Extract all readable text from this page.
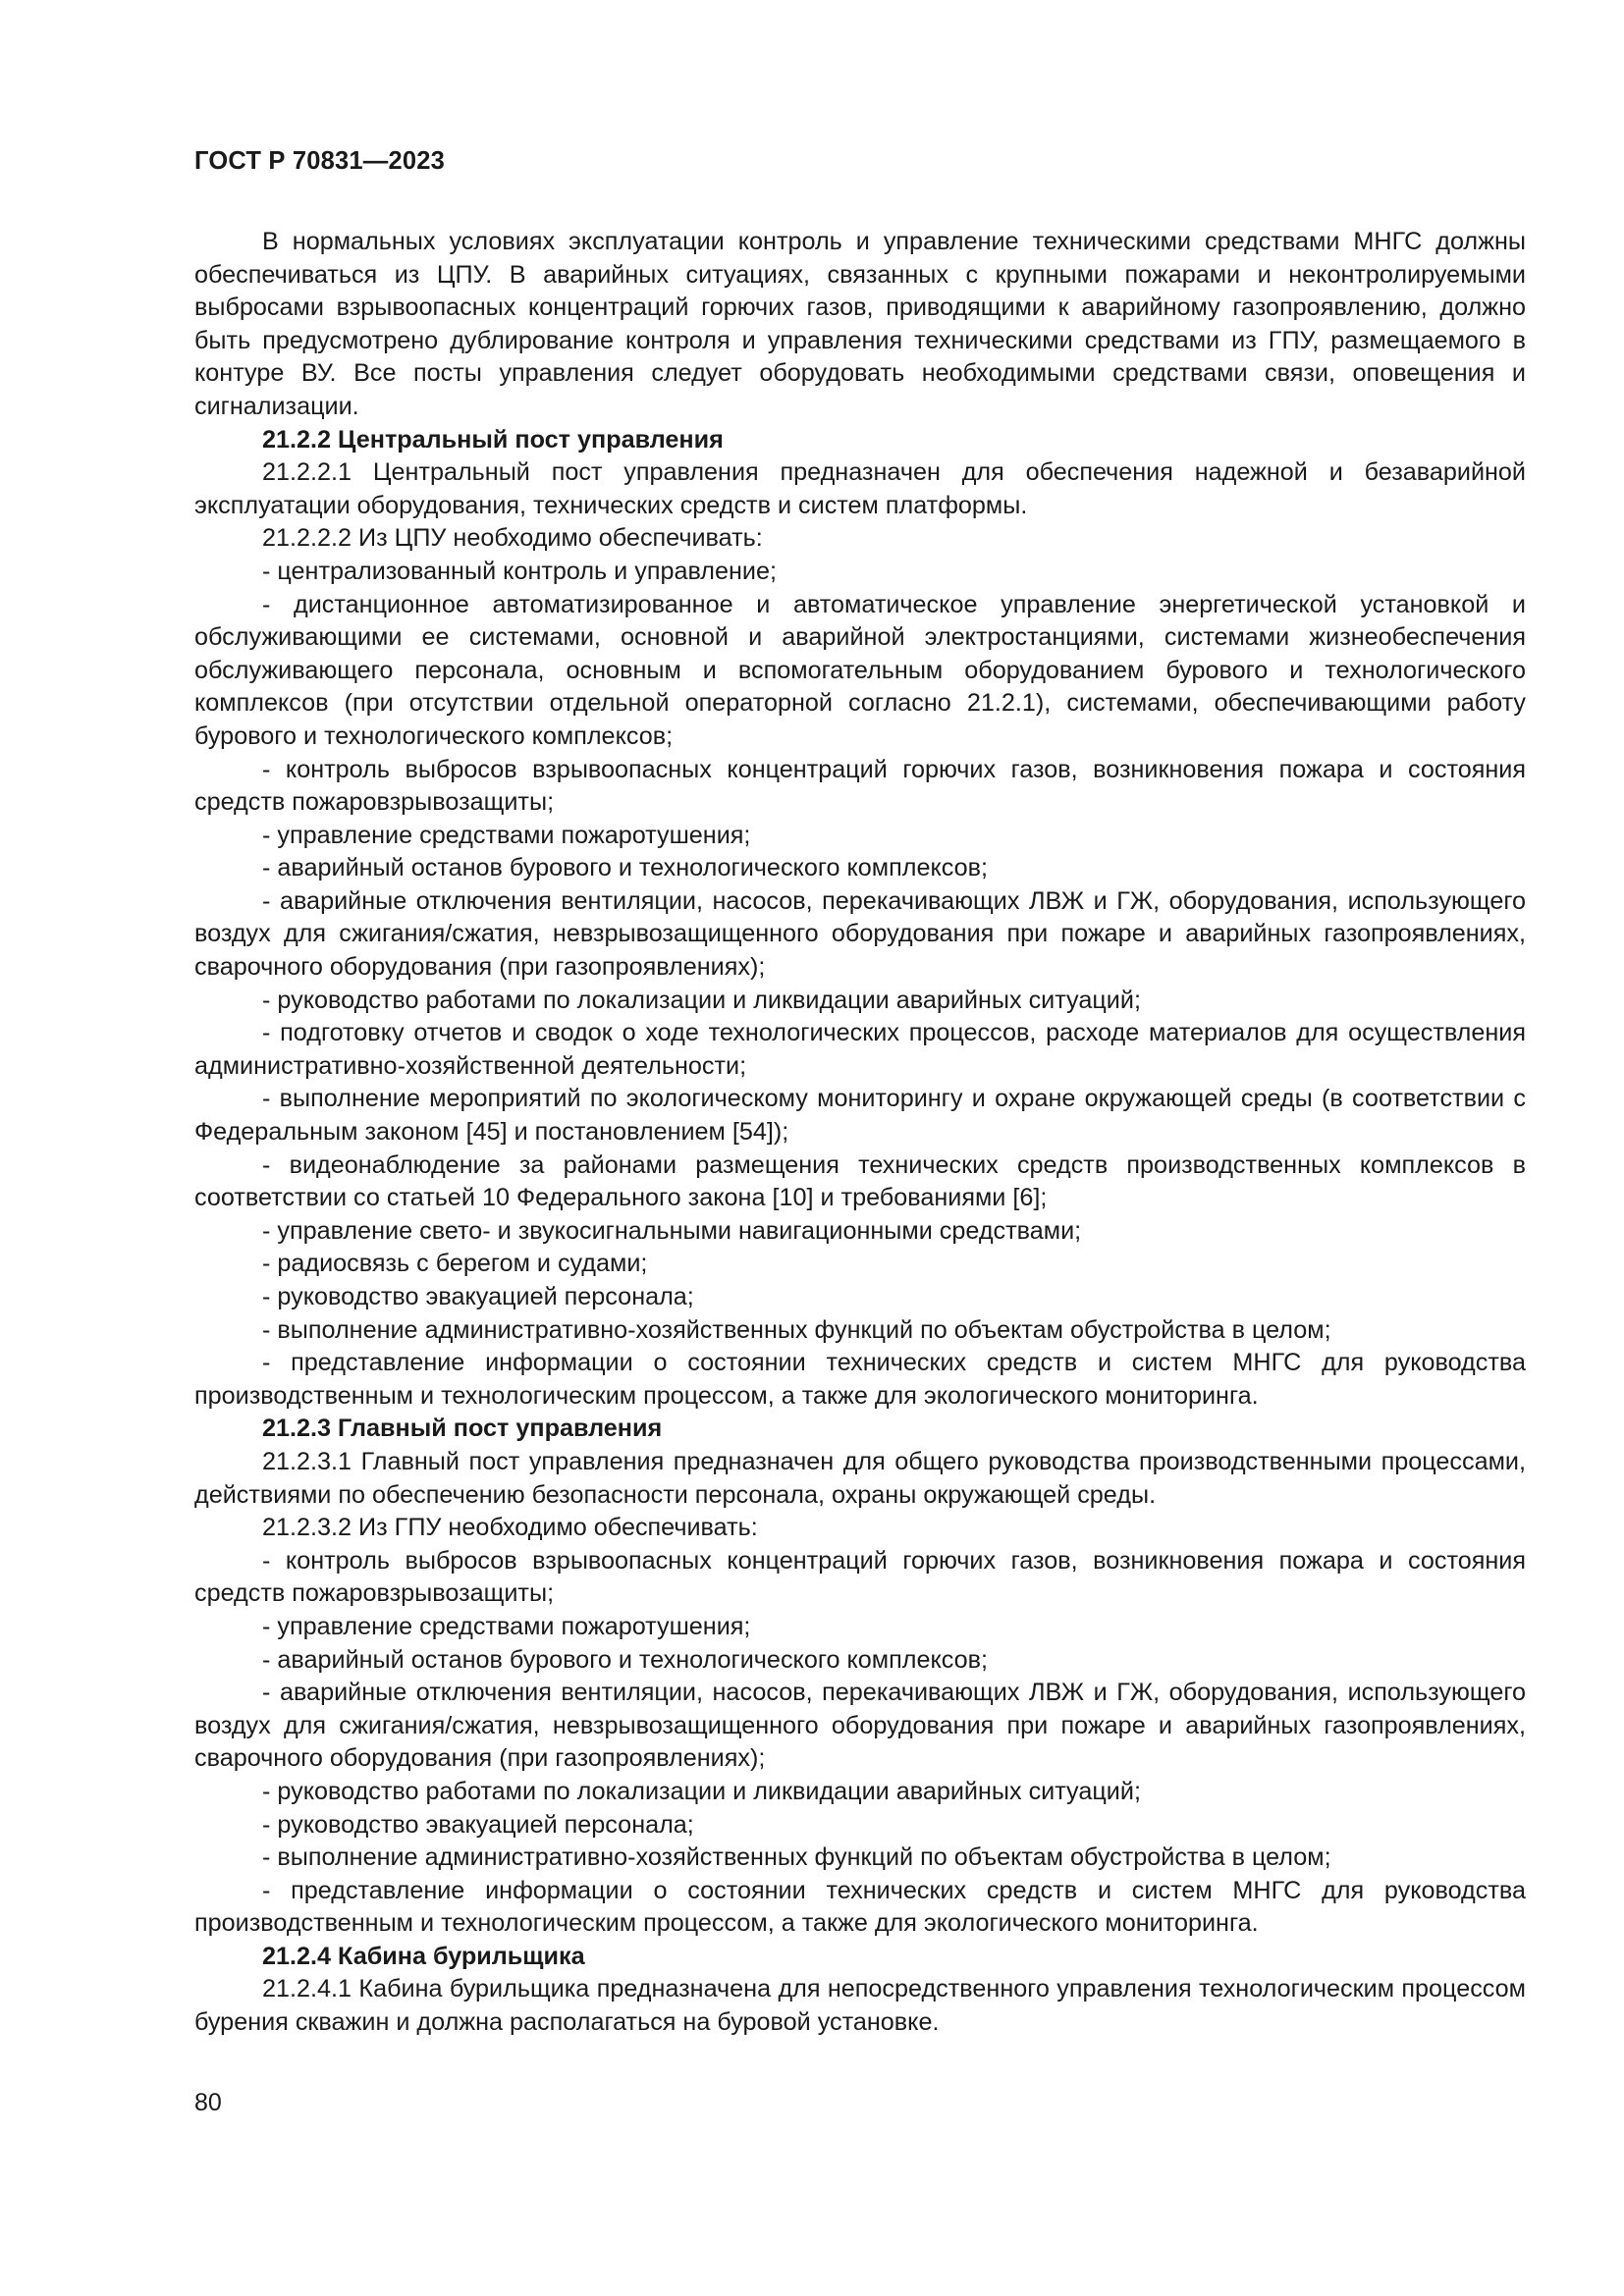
ГОСТ Р 70831—2023

В нормальных условиях эксплуатации контроль и управление техническими средствами МНГС должны обеспечиваться из ЦПУ. В аварийных ситуациях, связанных с крупными пожарами и неконтролируемыми выбросами взрывоопасных концентраций горючих газов, приводящими к аварийному газопроявлению, должно быть предусмотрено дублирование контроля и управления техническими средствами из ГПУ, размещаемого в контуре ВУ. Все посты управления следует оборудовать необходимыми средствами связи, оповещения и сигнализации.

21.2.2 Центральный пост управления

21.2.2.1 Центральный пост управления предназначен для обеспечения надежной и безаварийной эксплуатации оборудования, технических средств и систем платформы.

21.2.2.2 Из ЦПУ необходимо обеспечивать:

- централизованный контроль и управление;

- дистанционное автоматизированное и автоматическое управление энергетической установкой и обслуживающими ее системами, основной и аварийной электростанциями, системами жизнеобеспечения обслуживающего персонала, основным и вспомогательным оборудованием бурового и технологического комплексов (при отсутствии отдельной операторной согласно 21.2.1), системами, обеспечивающими работу бурового и технологического комплексов;

- контроль выбросов взрывоопасных концентраций горючих газов, возникновения пожара и состояния средств пожаровзрывозащиты;

- управление средствами пожаротушения;

- аварийный останов бурового и технологического комплексов;

- аварийные отключения вентиляции, насосов, перекачивающих ЛВЖ и ГЖ, оборудования, использующего воздух для сжигания/сжатия, невзрывозащищенного оборудования при пожаре и аварийных газопроявлениях, сварочного оборудования (при газопроявлениях);

- руководство работами по локализации и ликвидации аварийных ситуаций;

- подготовку отчетов и сводок о ходе технологических процессов, расходе материалов для осуществления административно-хозяйственной деятельности;

- выполнение мероприятий по экологическому мониторингу и охране окружающей среды (в соответствии с Федеральным законом [45] и постановлением [54]);

- видеонаблюдение за районами размещения технических средств производственных комплексов в соответствии со статьей 10 Федерального закона [10] и требованиями [6];

- управление свето- и звукосигнальными навигационными средствами;

- радиосвязь с берегом и судами;

- руководство эвакуацией персонала;

- выполнение административно-хозяйственных функций по объектам обустройства в целом;

- представление информации о состоянии технических средств и систем МНГС для руководства производственным и технологическим процессом, а также для экологического мониторинга.

21.2.3 Главный пост управления

21.2.3.1 Главный пост управления предназначен для общего руководства производственными процессами, действиями по обеспечению безопасности персонала, охраны окружающей среды.

21.2.3.2 Из ГПУ необходимо обеспечивать:

- контроль выбросов взрывоопасных концентраций горючих газов, возникновения пожара и состояния средств пожаровзрывозащиты;

- управление средствами пожаротушения;

- аварийный останов бурового и технологического комплексов;

- аварийные отключения вентиляции, насосов, перекачивающих ЛВЖ и ГЖ, оборудования, использующего воздух для сжигания/сжатия, невзрывозащищенного оборудования при пожаре и аварийных газопроявлениях, сварочного оборудования (при газопроявлениях);

- руководство работами по локализации и ликвидации аварийных ситуаций;

- руководство эвакуацией персонала;

- выполнение административно-хозяйственных функций по объектам обустройства в целом;

- представление информации о состоянии технических средств и систем МНГС для руководства производственным и технологическим процессом, а также для экологического мониторинга.

21.2.4 Кабина бурильщика

21.2.4.1 Кабина бурильщика предназначена для непосредственного управления технологическим процессом бурения скважин и должна располагаться на буровой установке.

80
